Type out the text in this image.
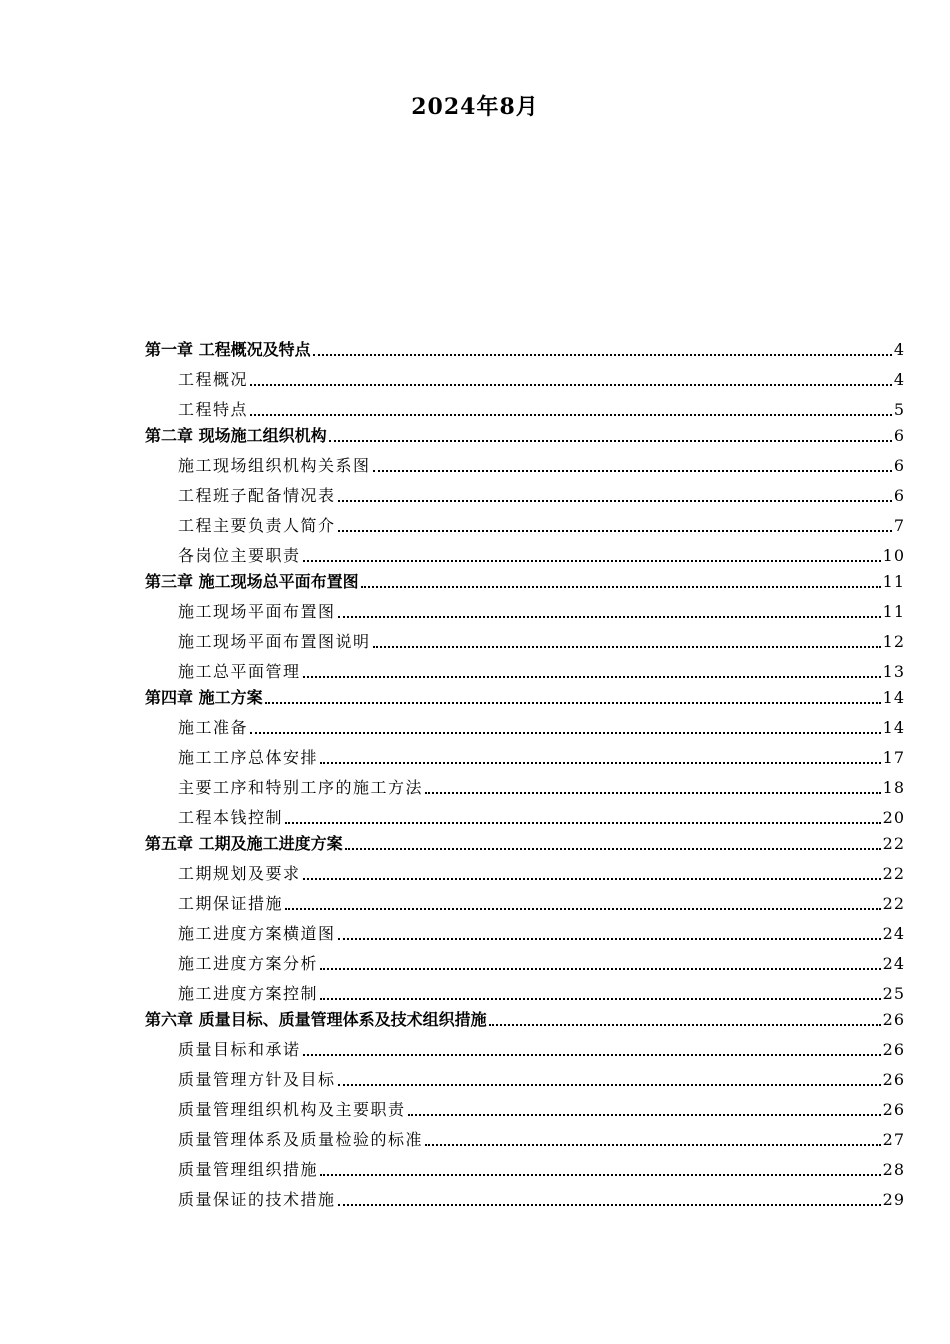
2024年8月
第一章 工程概况及特点	4
工程概况	4
工程特点	5
第二章 现场施工组织机构	6
施工现场组织机构关系图	6
工程班子配备情况表	6
工程主要负责人简介	7
各岗位主要职责	10
第三章 施工现场总平面布置图	11
施工现场平面布置图	11
施工现场平面布置图说明	12
施工总平面管理	13
第四章 施工方案	14
施工准备	14
施工工序总体安排	17
主要工序和特别工序的施工方法	18
工程本钱控制	20
第五章 工期及施工进度方案	22
工期规划及要求	22
工期保证措施	22
施工进度方案横道图	24
施工进度方案分析	24
施工进度方案控制	25
第六章 质量目标、质量管理体系及技术组织措施	26
质量目标和承诺	26
质量管理方针及目标	26
质量管理组织机构及主要职责	26
质量管理体系及质量检验的标准	27
质量管理组织措施	28
质量保证的技术措施	29
